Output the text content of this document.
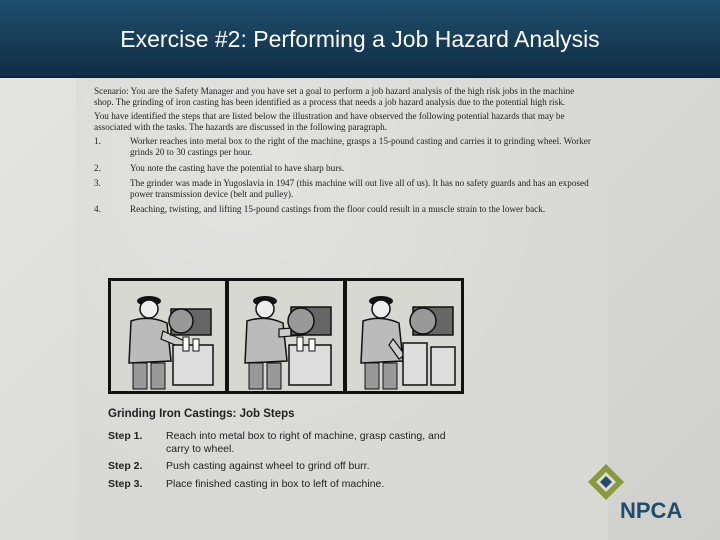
Exercise #2: Performing a Job Hazard Analysis

Scenario: You are the Safety Manager and you have set a goal to perform a job hazard analysis of the high risk jobs in the machine shop. The grinding of iron casting has been identified as a process that needs a job hazard analysis due to the potential high risk.

You have identified the steps that are listed below the illustration and have observed the following potential hazards that may be associated with the tasks. The hazards are discussed in the following paragraph.

1.	Worker reaches into metal box to the right of the machine, grasps a 15-pound casting and carries it to grinding wheel. Worker grinds 20 to 30 castings per hour.
2.	You note the casting have the potential to have sharp burs.
3.	The grinder was made in Yugoslavia in 1947 (this machine will out live all of us). It has no safety guards and has an exposed power transmission device (belt and pulley).
4.	Reaching, twisting, and lifting 15-pound castings from the floor could result in a muscle strain to the lower back.
Grinding Iron Castings: Job Steps
Step 1.	Reach into metal box to right of machine, grasp casting, and carry to wheel.
Step 2.	Push casting against wheel to grind off burr.
Step 3.	Place finished casting in box to left of machine.
NPCA
